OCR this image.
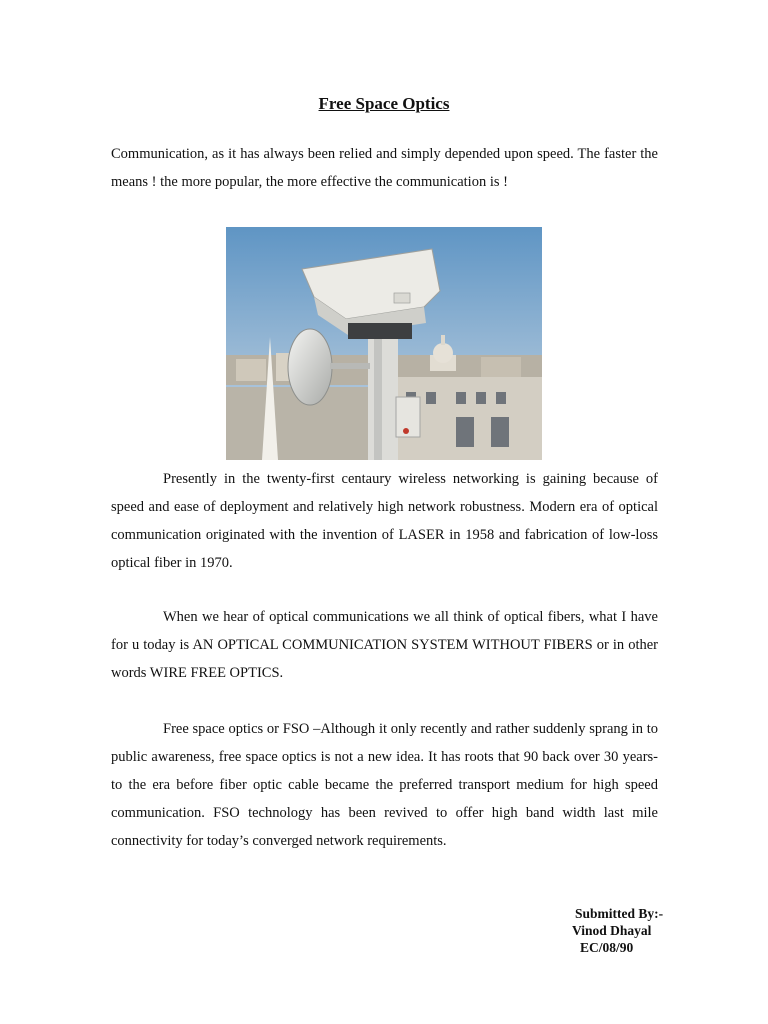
Free Space Optics

Communication, as it has always been relied and simply depended upon speed. The faster the means ! the more popular, the more effective the communication is !

Presently in the twenty-first centaury wireless networking is gaining because of speed and ease of deployment and relatively high network robustness. Modern era of optical communication originated with the invention of LASER in 1958 and fabrication of low-loss optical fiber in 1970.

When we hear of optical communications we all think of optical fibers, what I have for u today is AN OPTICAL COMMUNICATION SYSTEM WITHOUT FIBERS or in other words WIRE FREE OPTICS.

Free space optics or FSO –Although it only recently and rather suddenly sprang in to public awareness, free space optics is not a new idea. It has roots that 90 back over 30 years-to the era before fiber optic cable became the preferred transport medium for high speed communication. FSO technology has been revived to offer high band width last mile connectivity for today’s converged network requirements.

Submitted By:-
Vinod Dhayal
EC/08/90
